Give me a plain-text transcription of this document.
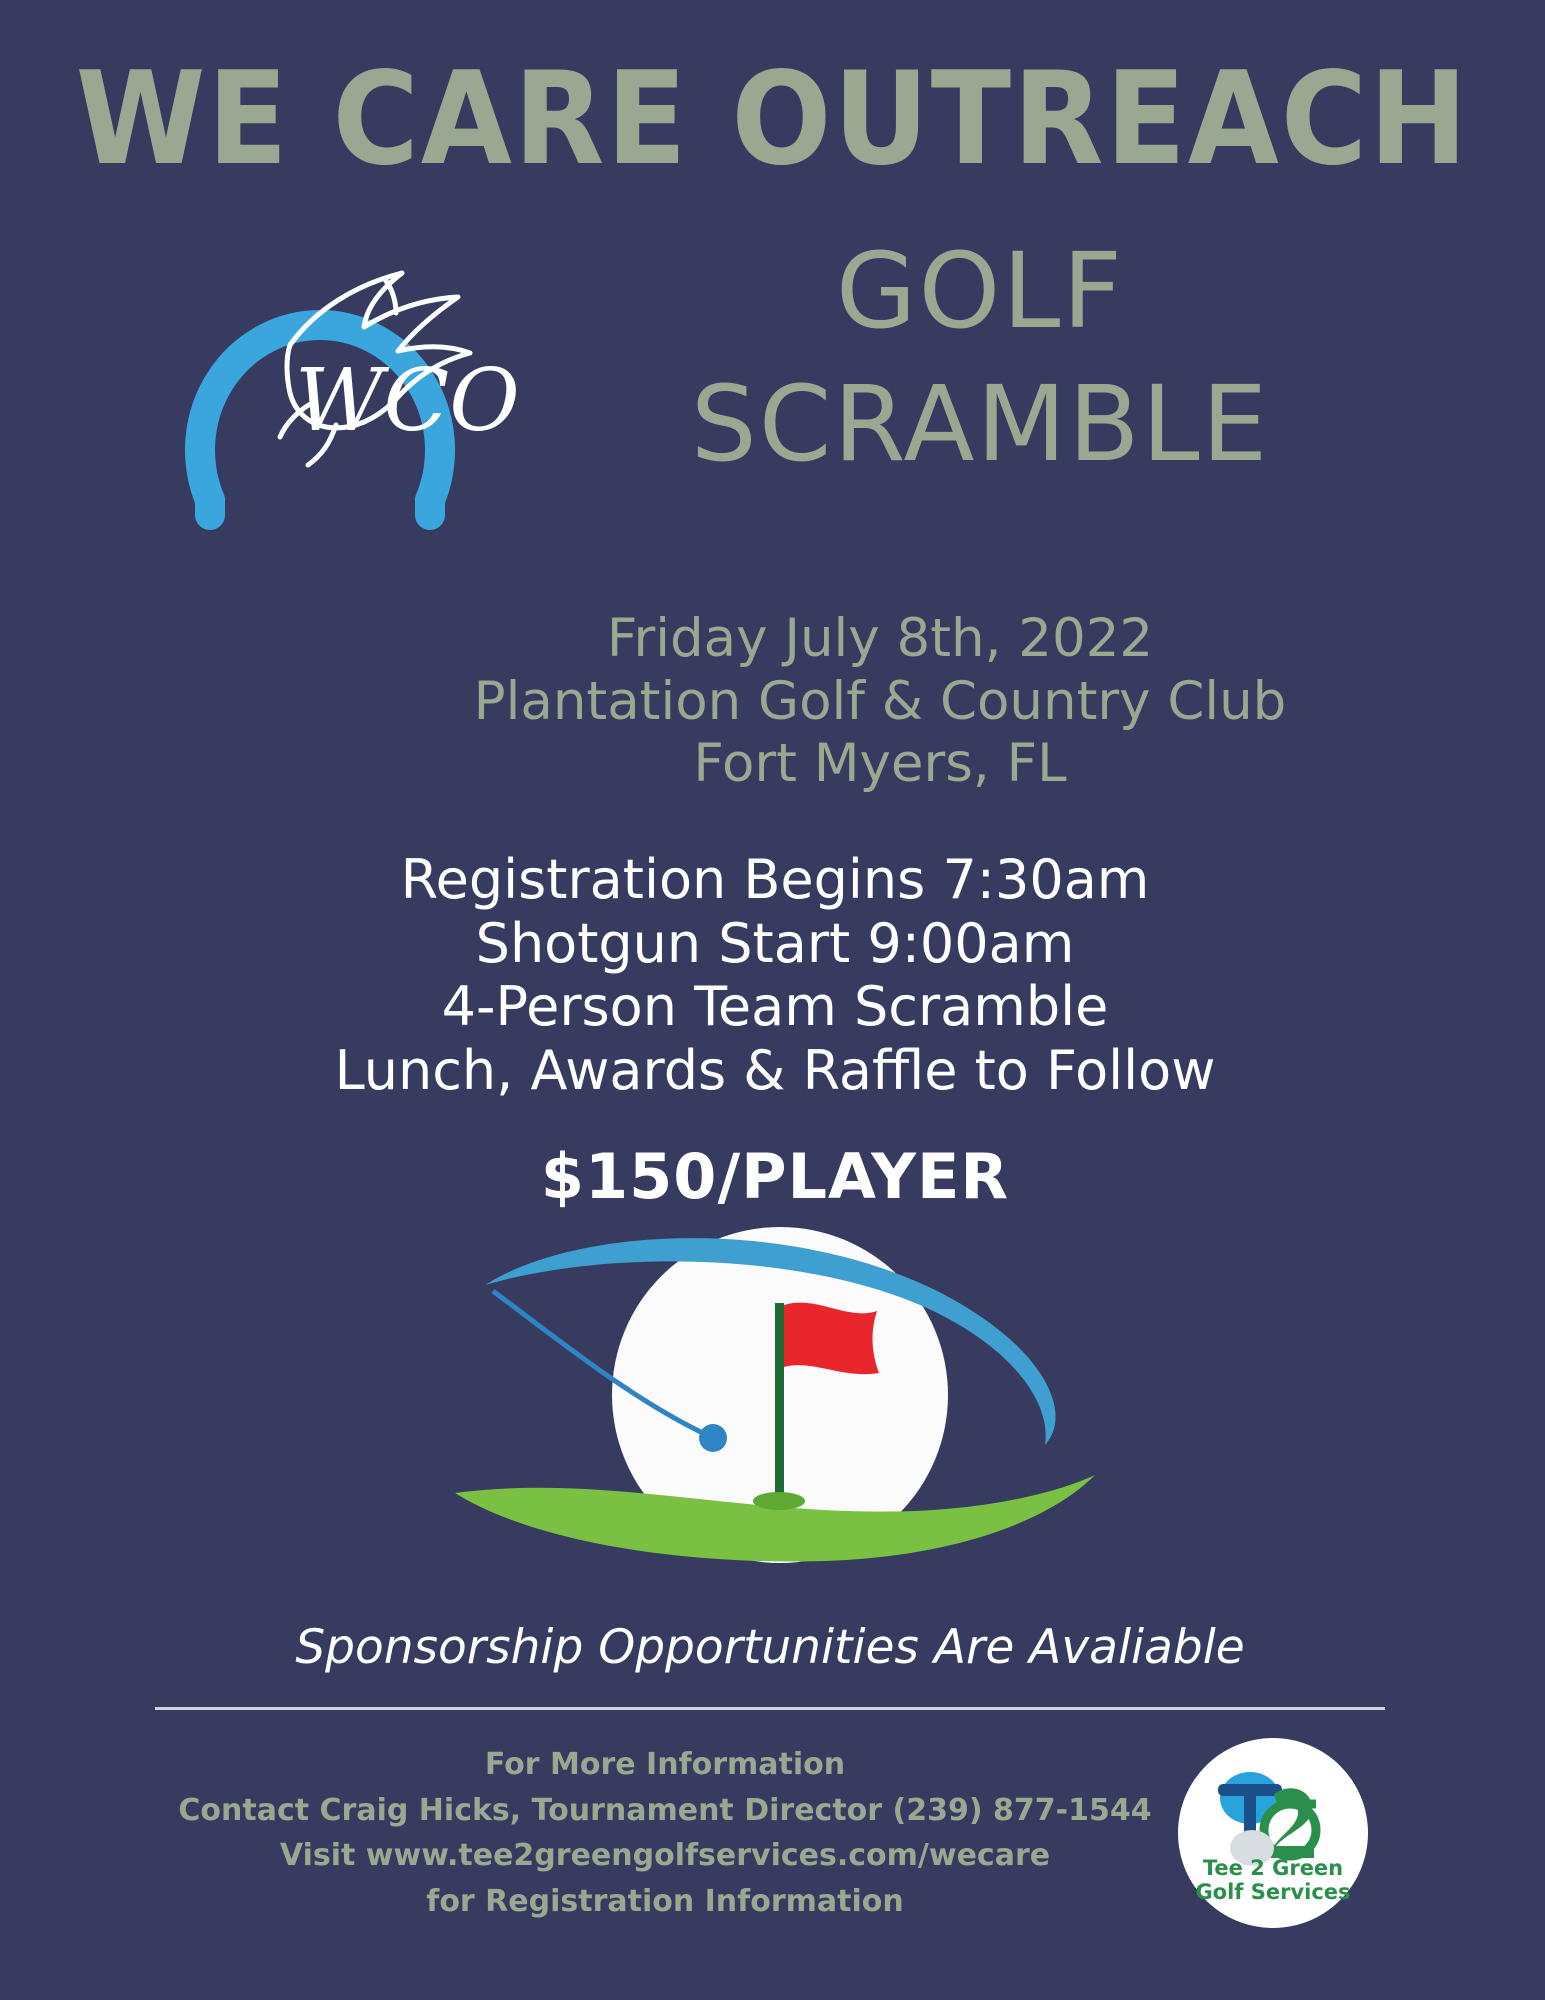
WE CARE OUTREACH
WCO
GOLF
SCRAMBLE
Friday July 8th, 2022
Plantation Golf & Country Club
Fort Myers, FL
Registration Begins 7:30am
Shotgun Start 9:00am
4-Person Team Scramble
Lunch, Awards & Raffle to Follow
$150/PLAYER
Sponsorship Opportunities Are Avaliable
For More Information
Contact Craig Hicks, Tournament Director (239) 877-1544
Visit www.tee2greengolfservices.com/wecare
for Registration Information
Tee 2 Green
Golf Services
